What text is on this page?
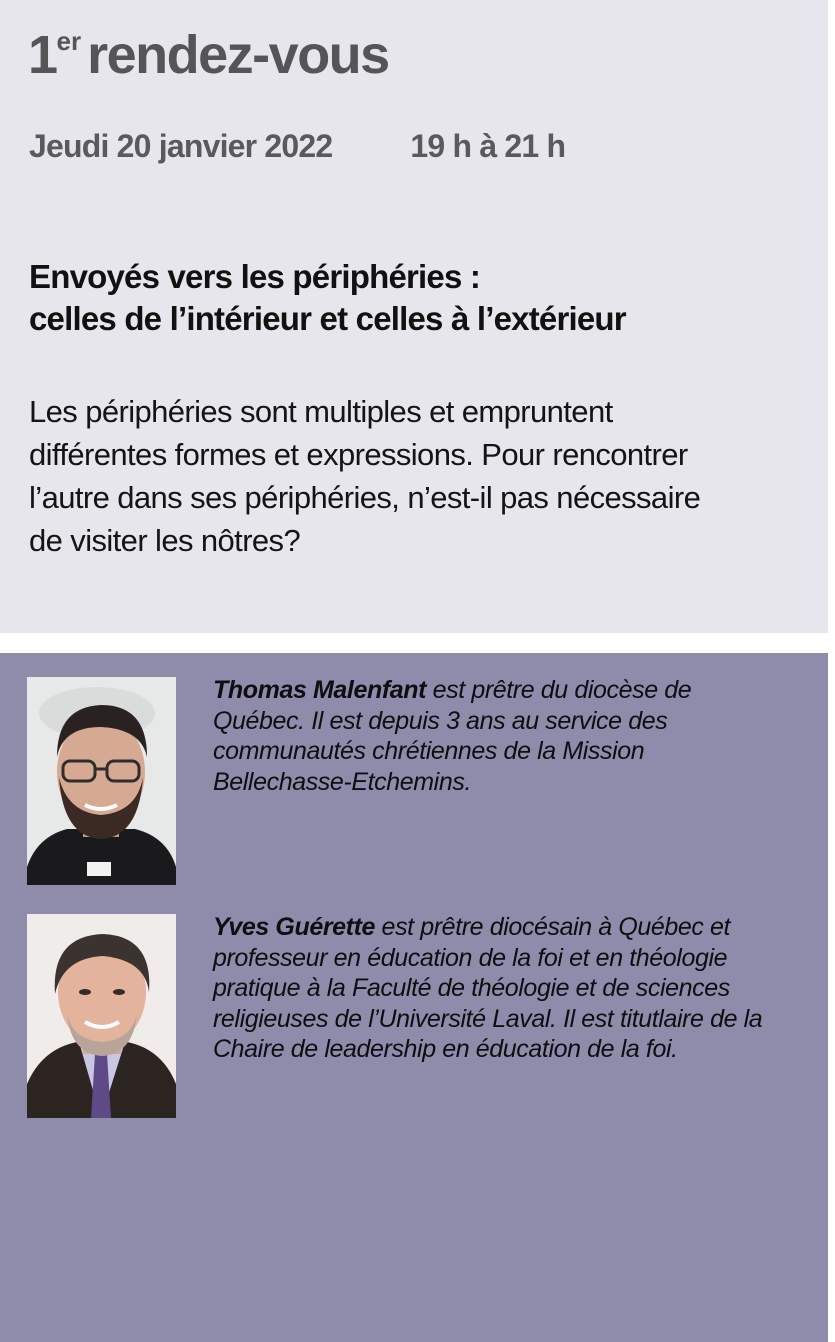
1er rendez-vous
Jeudi 20 janvier 2022 19 h à 21 h
Envoyés vers les périphéries :
celles de l’intérieur et celles à l’extérieur
Les périphéries sont multiples et empruntent
différentes formes et expressions. Pour rencontrer
l’autre dans ses périphéries, n’est-il pas nécessaire
de visiter les nôtres?
Thomas Malenfant est prêtre du diocèse de
Québec. Il est depuis 3 ans au service des
communautés chrétiennes de la Mission
Bellechasse-Etchemins.
Yves Guérette est prêtre diocésain à Québec et
professeur en éducation de la foi et en théologie
pratique à la Faculté de théologie et de sciences
religieuses de l’Université Laval. Il est titutlaire de la
Chaire de leadership en éducation de la foi.
